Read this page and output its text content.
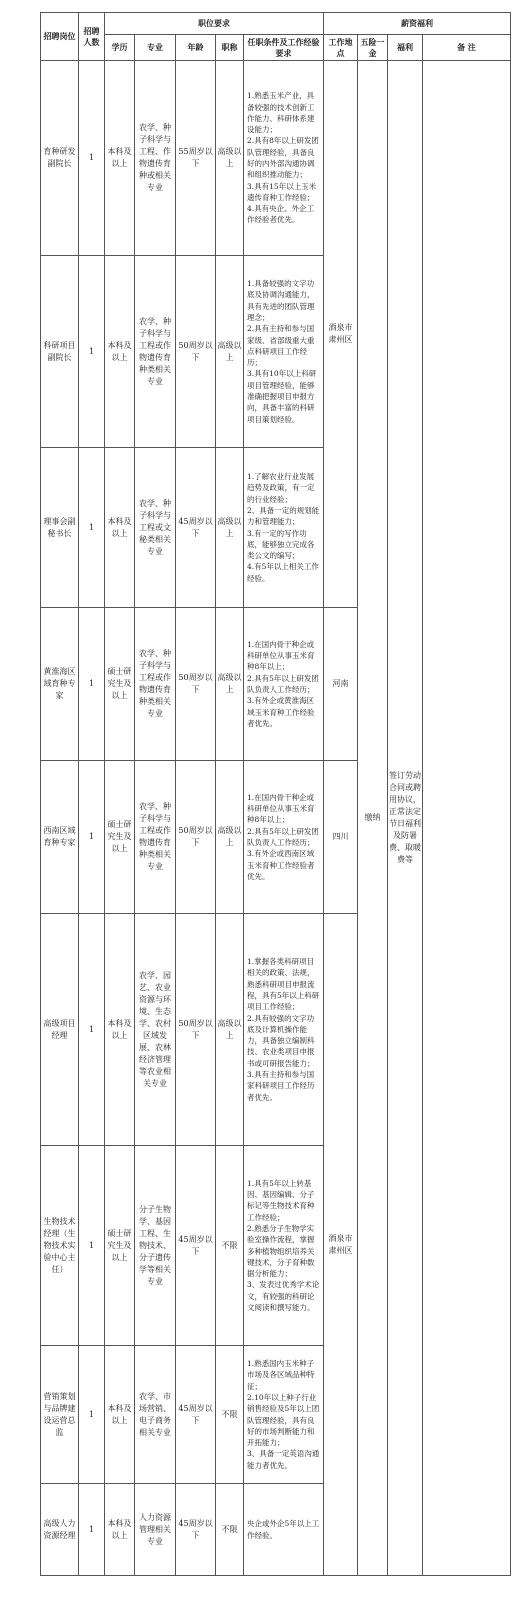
招聘岗位	招聘人数	职位要求					薪资福利			
		学历	专业	年龄	职称	任职条件及工作经验要求	工作地点	五险一金	福利	备 注
育种研发副院长	1	本科及以上	农学、种子科学与工程、作物遗传育种或相关专业	55周岁以下	高级以上	1.熟悉玉米产业，具备较强的技术创新工作能力、科研体系建设能力；
2.具有8年以上研发团队管理经验，具备良好的内外部沟通协调和组织推动能力；
3.具有15年以上玉米遗传育种工作经验；
4.具有央企、外企工作经验者优先。	酒泉市肃州区	缴纳	签订劳动合同或聘用协议，正常法定节日福利及防暑费、取暖费等	
科研项目副院长	1	本科及以上	农学、种子科学与工程或作物遗传育种类相关专业	50周岁以下	高级以上	1.具备较强的文字功底及协调沟通能力，具有先进的团队管理理念；
2.具有主持和参与国家级、省部级重大重点科研项目工作经历；
3.具有10年以上科研项目管理经验，能够准确把握项目申报方向，具备丰富的科研项目策划经验。				

理事会副秘书长	1	本科及以上	农学、种子科学与工程或文秘类相关专业	45周岁以下	高级以上	1.了解农业行业发展趋势及政策，有一定的行业经验；
2、具备一定的规划能力和管理能力；
3.有一定的写作功底，能够独立完成各类公文的编写；
4.有5年以上相关工作经验。				

黄淮海区域育种专家	1	硕士研究生及以上	农学、种子科学与工程或作物遗传育种类相关专业	50周岁以下	高级以上	1.在国内骨干种企或科研单位从事玉米育种8年以上；
2.具有5年以上研发团队负责人工作经历；
3.有外企或黄淮海区域玉米育种工作经验者优先。	河南			
西南区域育种专家	1	硕士研究生及以上	农学、种子科学与工程或作物遗传育种类相关专业	50周岁以下	高级以上	1.在国内骨干种企或科研单位从事玉米育种8年以上；
2.具有5年以上研发团队负责人工作经历；
3.有外企或西南区域玉米育种工作经验者优先。	四川			
高级项目经理	1	本科及以上	农学、园艺、农业资源与环境、生态学、农村区域发展、农林经济管理等农业相关专业	50周岁以下	高级以上	1.掌握各类科研项目相关的政策、法规，熟悉科研项目申报流程，具有5年以上科研项目工作经验；
2.具有较强的文字功底及计算机操作能力，具备独立编制科技、农业类项目申报书或可研报告能力；
3.具有主持和参与国家科研项目工作经历者优先。	酒泉市肃州区			
生物技术经理（生物技术实验中心主任）	1	硕士研究生及以上	分子生物学、基因工程、生物技术、分子遗传学等相关专业	45周岁以下	不限	1.具有5年以上转基因、基因编辑、分子标记等生物技术育种工作经验；
2.熟悉分子生物学实验室操作流程，掌握多种植物组织培养关键技术，分子育种数据分析能力；
3、发表过优秀学术论文，有较强的科研论文阅读和撰写能力。				

营销策划与品牌建设运营总监	1	本科及以上	农学、市场营销、电子商务相关专业	45周岁以下	不限	1.熟悉国内玉米种子市场及各区域品种特征；
2.10年以上种子行业销售经验及5年以上团队管理经验，具有良好的市场判断能力和开拓能力；
3、具备一定英语沟通能力者优先。				

高级人力资源经理	1	本科及以上	人力资源管理相关专业	45周岁以下	不限	央企或外企5年以上工作经验。				
